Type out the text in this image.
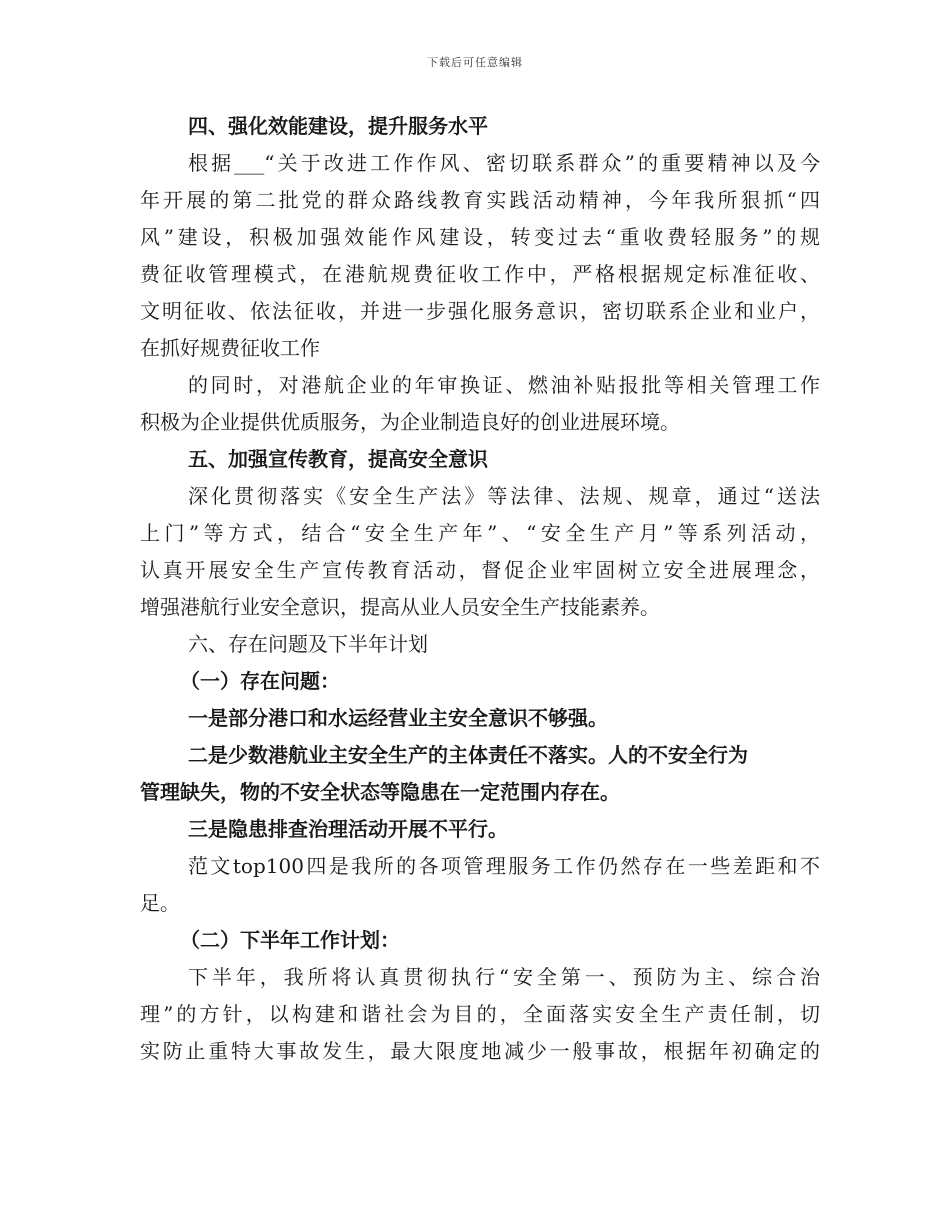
下载后可任意编辑
四、强化效能建设，提升服务水平
根据___“关于改进工作作风、密切联系群众”的重要精神以及今
年开展的第二批党的群众路线教育实践活动精神，今年我所狠抓“四
风”建设，积极加强效能作风建设，转变过去“重收费轻服务”的规
费征收管理模式，在港航规费征收工作中，严格根据规定标准征收、
文明征收、依法征收，并进一步强化服务意识，密切联系企业和业户，
在抓好规费征收工作
的同时，对港航企业的年审换证、燃油补贴报批等相关管理工作
积极为企业提供优质服务，为企业制造良好的创业进展环境。
五、加强宣传教育，提高安全意识
深化贯彻落实《安全生产法》等法律、法规、规章，通过“送法
上门”等方式，结合“安全生产年”、“安全生产月”等系列活动，
认真开展安全生产宣传教育活动，督促企业牢固树立安全进展理念，
增强港航行业安全意识，提高从业人员安全生产技能素养。
六、存在问题及下半年计划
（一）存在问题：
一是部分港口和水运经营业主安全意识不够强。
二是少数港航业主安全生产的主体责任不落实。人的不安全行为
管理缺失，物的不安全状态等隐患在一定范围内存在。
三是隐患排查治理活动开展不平行。
范文top100四是我所的各项管理服务工作仍然存在一些差距和不
足。
（二）下半年工作计划：
下半年，我所将认真贯彻执行“安全第一、预防为主、综合治
理”的方针，以构建和谐社会为目的，全面落实安全生产责任制，切
实防止重特大事故发生，最大限度地减少一般事故，根据年初确定的
